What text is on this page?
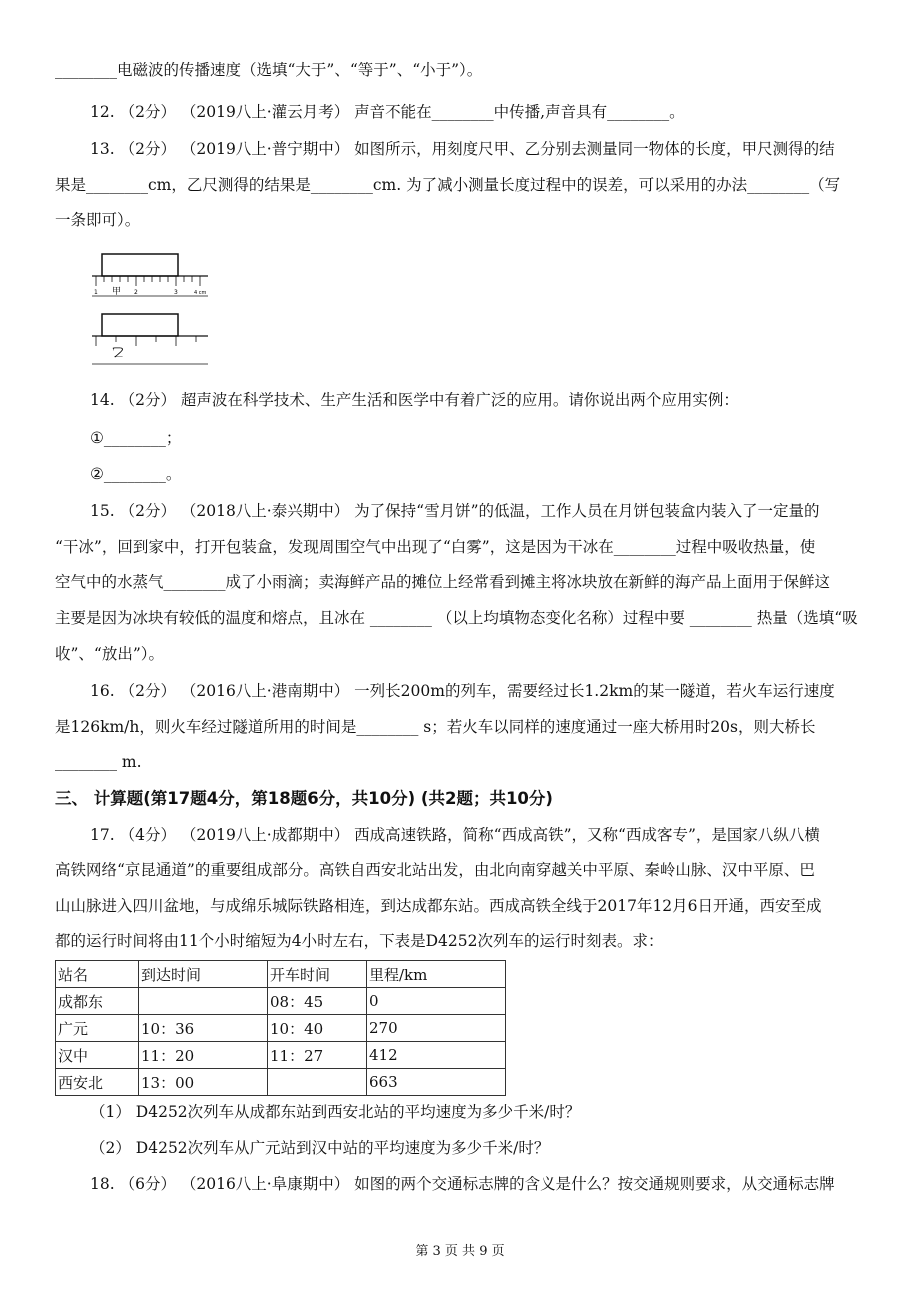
________电磁波的传播速度（选填“大于”、“等于”、“小于”）。
12. （2分） （2019八上·灌云月考） 声音不能在________中传播,声音具有________。
13. （2分） （2019八上·普宁期中） 如图所示，用刻度尺甲、乙分别去测量同一物体的长度，甲尺测得的结
果是________cm，乙尺测得的结果是________cm. 为了减小测量长度过程中的误差，可以采用的办法________（写
一条即可）。
1 甲 2	3	4 cm
乙
14. （2分） 超声波在科学技术、生产生活和医学中有着广泛的应用。请你说出两个应用实例：
①________；
②________。
15. （2分） （2018八上·泰兴期中） 为了保持“雪月饼”的低温，工作人员在月饼包装盒内装入了一定量的
“干冰”，回到家中，打开包装盒，发现周围空气中出现了“白雾”，这是因为干冰在________过程中吸收热量，使
空气中的水蒸气________成了小雨滴；卖海鲜产品的摊位上经常看到摊主将冰块放在新鲜的海产品上面用于保鲜这
主要是因为冰块有较低的温度和熔点，且冰在 ________ （以上均填物态变化名称）过程中要 ________ 热量（选填“吸
收”、“放出”）。
16. （2分） （2016八上·港南期中） 一列长200m的列车，需要经过长1.2km的某一隧道，若火车运行速度
是126km/h，则火车经过隧道所用的时间是________ s；若火车以同样的速度通过一座大桥用时20s，则大桥长
________ m.
三、 计算题(第17题4分，第18题6分，共10分) (共2题；共10分)
17. （4分） （2019八上·成都期中） 西成高速铁路，简称“西成高铁”，又称“西成客专”，是国家八纵八横
高铁网络“京昆通道”的重要组成部分。高铁自西安北站出发，由北向南穿越关中平原、秦岭山脉、汉中平原、巴
山山脉进入四川盆地，与成绵乐城际铁路相连，到达成都东站。西成高铁全线于2017年12月6日开通，西安至成
都的运行时间将由11个小时缩短为4小时左右，下表是D4252次列车的运行时刻表。求：
站名	到达时间	开车时间	里程/km
成都东		08：45	0
广元	10：36	10：40	270
汉中	11：20	11：27	412
西安北	13：00		663
（1） D4252次列车从成都东站到西安北站的平均速度为多少千米/时？
（2） D4252次列车从广元站到汉中站的平均速度为多少千米/时？
18. （6分） （2016八上·阜康期中） 如图的两个交通标志牌的含义是什么？按交通规则要求，从交通标志牌
第 3 页 共 9 页
